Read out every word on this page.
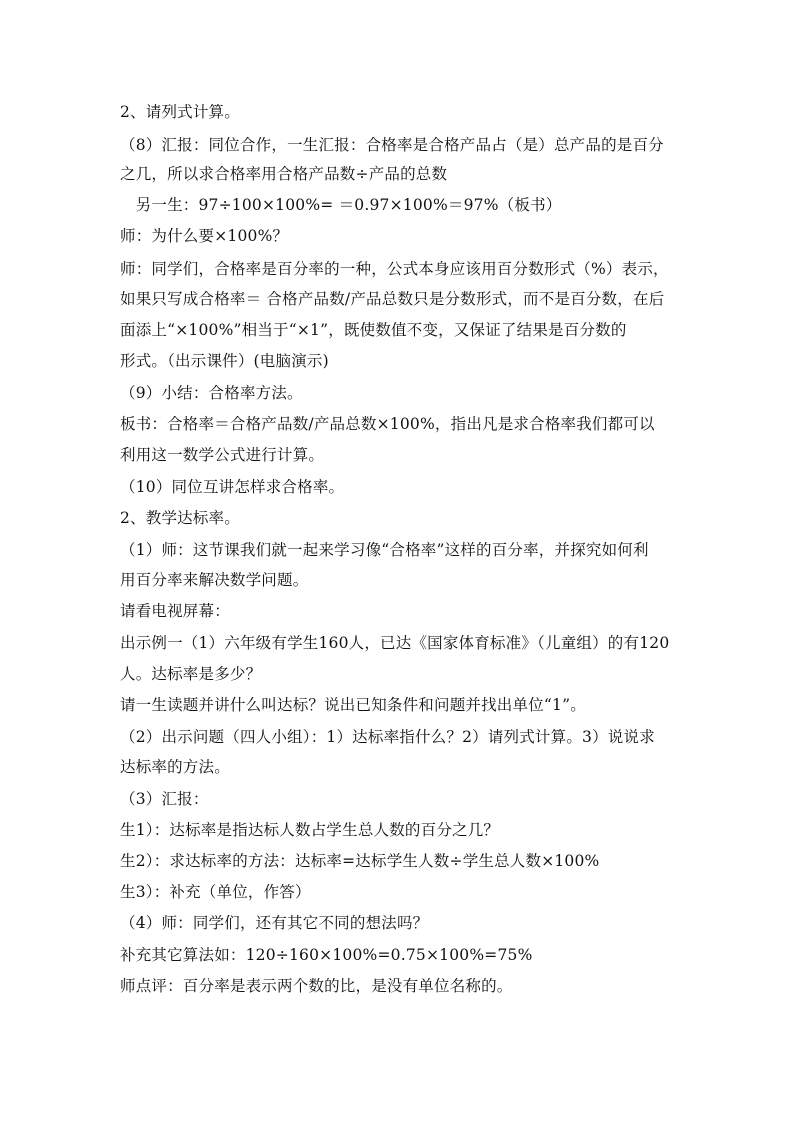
2、请列式计算。
（8）汇报：同位合作，一生汇报：合格率是合格产品占（是）总产品的是百分
之几，所以求合格率用合格产品数÷产品的总数
　另一生：97÷100×100%= ＝0.97×100%＝97%（板书）
师：为什么要×100%？
师：同学们，合格率是百分率的一种，公式本身应该用百分数形式（%）表示，
如果只写成合格率＝ 合格产品数/产品总数只是分数形式，而不是百分数，在后
面添上“×100%”相当于“×1”，既使数值不变，又保证了结果是百分数的
形式。（出示课件）(电脑演示)
（9）小结：合格率方法。
板书：合格率＝合格产品数/产品总数×100%，指出凡是求合格率我们都可以
利用这一数学公式进行计算。
（10）同位互讲怎样求合格率。
2、教学达标率。
（1）师：这节课我们就一起来学习像“合格率”这样的百分率，并探究如何利
用百分率来解决数学问题。
请看电视屏幕：
出示例一（1）六年级有学生160人，已达《国家体育标准》（儿童组）的有120
人。达标率是多少？
请一生读题并讲什么叫达标？说出已知条件和问题并找出单位“1”。
（2）出示问题（四人小组）：1）达标率指什么？2）请列式计算。3）说说求
达标率的方法。
（3）汇报：
生1）：达标率是指达标人数占学生总人数的百分之几？
生2）：求达标率的方法：达标率=达标学生人数÷学生总人数×100%
生3）：补充（单位，作答）
（4）师：同学们，还有其它不同的想法吗？
补充其它算法如：120÷160×100%=0.75×100%=75%
师点评：百分率是表示两个数的比，是没有单位名称的。
